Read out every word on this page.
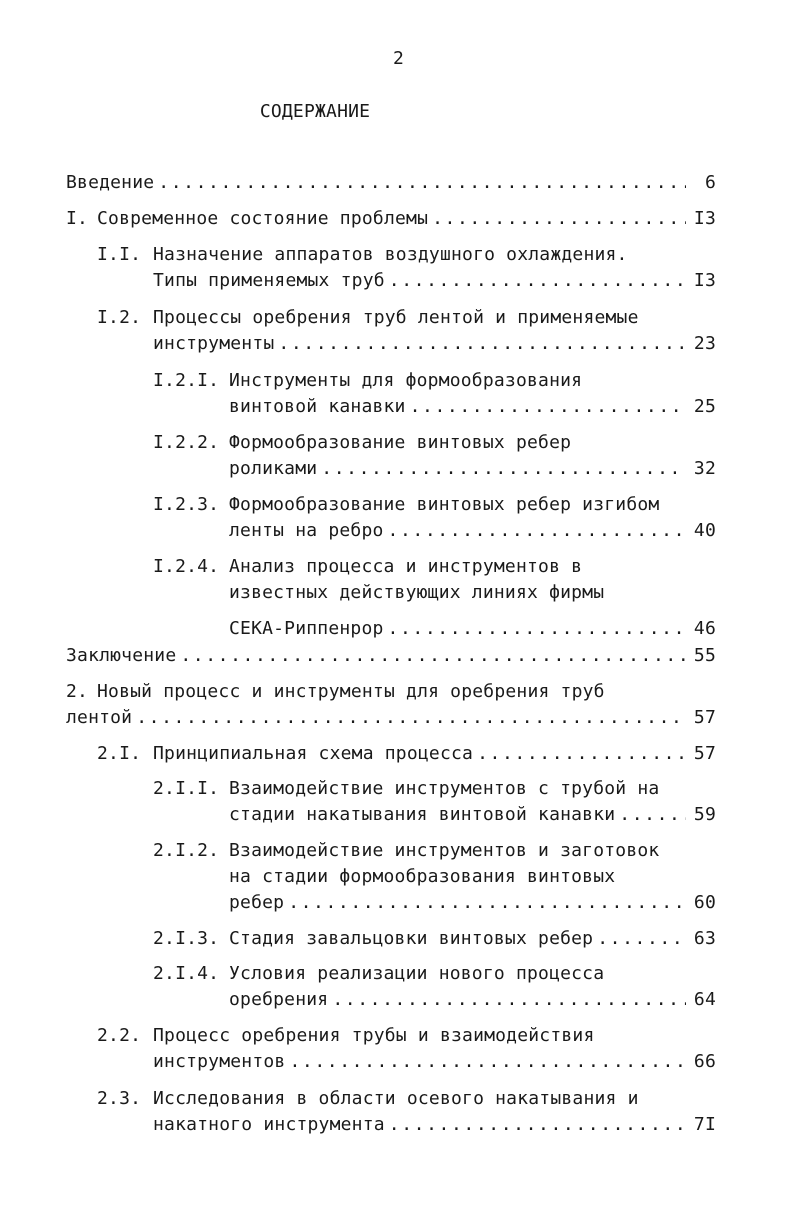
2
СОДЕРЖАНИЕ
Введение .....	6
I. Современное состояние проблемы .....	I3
I.I. Назначение аппаратов воздушного охлаждения.
Типы применяемых труб .....	I3
I.2. Процессы оребрения труб лентой и применяемые
инструменты .....	23
I.2.I. Инструменты для формообразования
винтовой канавки .....	25
I.2.2. Формообразование винтовых ребер
роликами .....	32
I.2.3. Формообразование винтовых ребер изгибом
ленты на ребро .....	40
I.2.4. Анализ процесса и инструментов в
известных действующих линиях фирмы
СЕКА-Риппенрор .....	46
Заключение .....	55
2. Новый процесс и инструменты для оребрения труб
лентой .....	57
2.I. Принципиальная схема процесса .....	57
2.I.I. Взаимодействие инструментов с трубой на
стадии накатывания винтовой канавки .....	59
2.I.2. Взаимодействие инструментов и заготовок
на стадии формообразования винтовых
ребер .....	60
2.I.3. Стадия завальцовки винтовых ребер .....	63
2.I.4. Условия реализации нового процесса
оребрения .....	64
2.2. Процесс оребрения трубы и взаимодействия
инструментов .....	66
2.3. Исследования в области осевого накатывания и
накатного инструмента .....	7I
